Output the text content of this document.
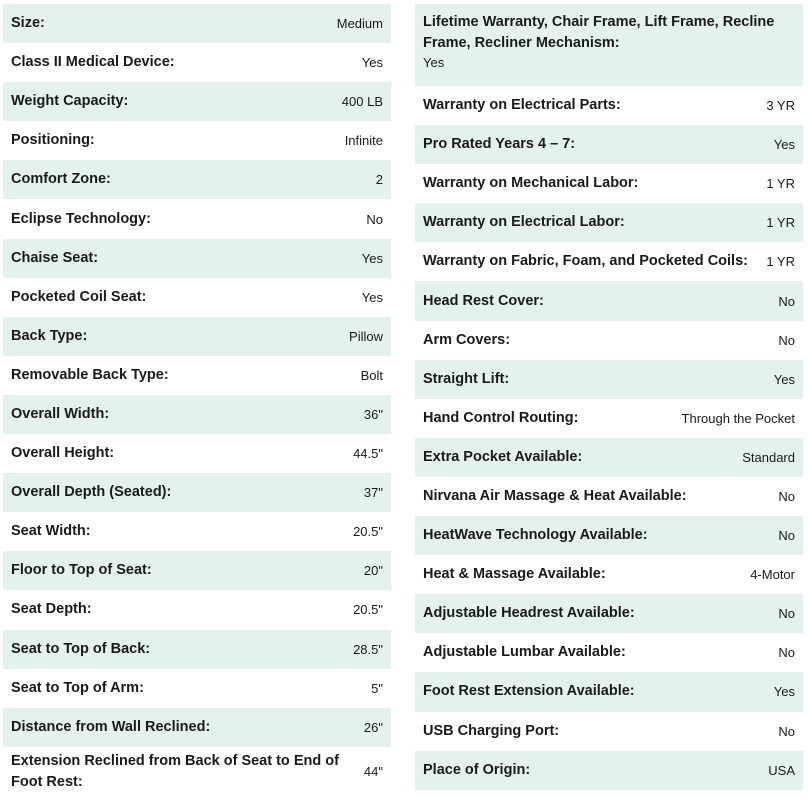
Size:	Medium
Class II Medical Device:	Yes
Weight Capacity:	400 LB
Positioning:	Infinite
Comfort Zone:	2
Eclipse Technology:	No
Chaise Seat:	Yes
Pocketed Coil Seat:	Yes
Back Type:	Pillow
Removable Back Type:	Bolt
Overall Width:	36"
Overall Height:	44.5"
Overall Depth (Seated):	37"
Seat Width:	20.5"
Floor to Top of Seat:	20"
Seat Depth:	20.5"
Seat to Top of Back:	28.5"
Seat to Top of Arm:	5"
Distance from Wall Reclined:	26"
Extension Reclined from Back of Seat to End of Foot Rest:
44"
Lifetime Warranty, Chair Frame, Lift Frame, Recline Frame, Recliner Mechanism:
Yes
Warranty on Electrical Parts:	3 YR
Pro Rated Years 4 – 7:	Yes
Warranty on Mechanical Labor:	1 YR
Warranty on Electrical Labor:	1 YR
Warranty on Fabric, Foam, and Pocketed Coils:	1 YR
Head Rest Cover:	No
Arm Covers:	No
Straight Lift:	Yes
Hand Control Routing:	Through the Pocket
Extra Pocket Available:	Standard
Nirvana Air Massage & Heat Available:	No
HeatWave Technology Available:	No
Heat & Massage Available:	4-Motor
Adjustable Headrest Available:	No
Adjustable Lumbar Available:	No
Foot Rest Extension Available:	Yes
USB Charging Port:	No
Place of Origin:	USA
